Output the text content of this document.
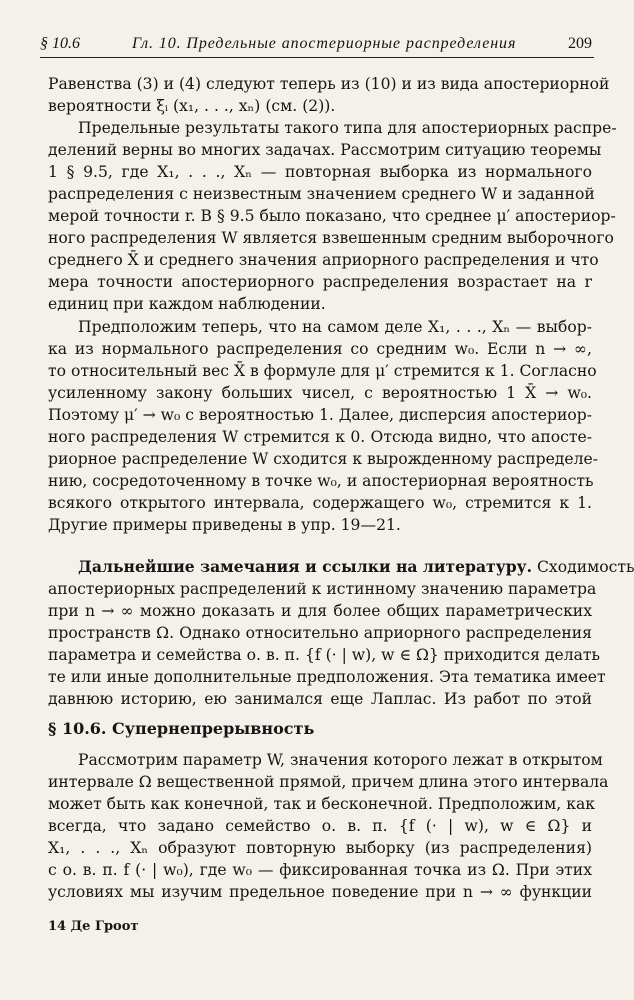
§ 10.6	Гл. 10. Предельные апостериорные распределения	209
Равенства (3) и (4) следуют теперь из (10) и из вида апостериорной
вероятности ξᵢ (x₁, . . ., xₙ) (см. (2)).
Предельные результаты такого типа для апостериорных распре-
делений верны во многих задачах. Рассмотрим ситуацию теоремы
1 § 9.5, где X₁, . . ., Xₙ — повторная выборка из нормального
распределения с неизвестным значением среднего W и заданной
мерой точности r. В § 9.5 было показано, что среднее μ′ апостериор-
ного распределения W является взвешенным средним выборочного
среднего X̄ и среднего значения априорного распределения и что
мера точности апостериорного распределения возрастает на r
единиц при каждом наблюдении.
Предположим теперь, что на самом деле X₁, . . ., Xₙ — выбор-
ка из нормального распределения со средним w₀. Если n → ∞,
то относительный вес X̄ в формуле для μ′ стремится к 1. Согласно
усиленному закону больших чисел, с вероятностью 1 X̄ → w₀.
Поэтому μ′ → w₀ с вероятностью 1. Далее, дисперсия апостериор-
ного распределения W стремится к 0. Отсюда видно, что апосте-
риорное распределение W сходится к вырожденному распределе-
нию, сосредоточенному в точке w₀, и апостериорная вероятность
всякого открытого интервала, содержащего w₀, стремится к 1.
Другие примеры приведены в упр. 19—21.
Дальнейшие замечания и ссылки на литературу. Сходимость
апостериорных распределений к истинному значению параметра
при n → ∞ можно доказать и для более общих параметрических
пространств Ω. Однако относительно априорного распределения
параметра и семейства о. в. п. {f (· | w), w ∈ Ω} приходится делать
те или иные дополнительные предположения. Эта тематика имеет
давнюю историю, ею занимался еще Лаплас. Из работ по этой
§ 10.6. Супернепрерывность
Рассмотрим параметр W, значения которого лежат в открытом
интервале Ω вещественной прямой, причем длина этого интервала
может быть как конечной, так и бесконечной. Предположим, как
всегда, что задано семейство о. в. п. {f (· | w), w ∈ Ω} и
X₁, . . ., Xₙ образуют повторную выборку (из распределения)
с о. в. п. f (· | w₀), где w₀ — фиксированная точка из Ω. При этих
условиях мы изучим предельное поведение при n → ∞ функции
14 Де Гроот
